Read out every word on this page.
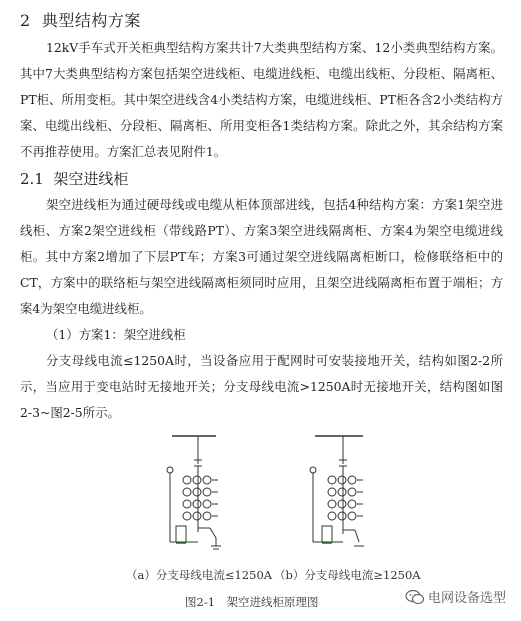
2 典型结构方案

12kV手车式开关柜典型结构方案共计7大类典型结构方案、12小类典型结构方案。其中7大类典型结构方案包括架空进线柜、电缆进线柜、电缆出线柜、分段柜、隔离柜、PT柜、所用变柜。其中架空进线含4小类结构方案，电缆进线柜、PT柜各含2小类结构方案、电缆出线柜、分段柜、隔离柜、所用变柜各1类结构方案。除此之外，其余结构方案不再推荐使用。方案汇总表见附件1。

2.1 架空进线柜

架空进线柜为通过硬母线或电缆从柜体顶部进线，包括4种结构方案：方案1架空进线柜、方案2架空进线柜（带线路PT）、方案3架空进线隔离柜、方案4为架空电缆进线柜。其中方案2增加了下层PT车；方案3可通过架空进线隔离柜断口，检修联络柜中的CT，方案中的联络柜与架空进线隔离柜须同时应用，且架空进线隔离柜布置于端柜；方案4为架空电缆进线柜。

（1）方案1：架空进线柜

分支母线电流≤1250A时，当设备应用于配网时可安装接地开关，结构如图2-2所示，当应用于变电站时无接地开关；分支母线电流>1250A时无接地开关，结构图如图2-3~图2-5所示。

（a）分支母线电流≤1250A （b）分支母线电流≥1250A
图2-1　架空进线柜原理图	电网设备选型
